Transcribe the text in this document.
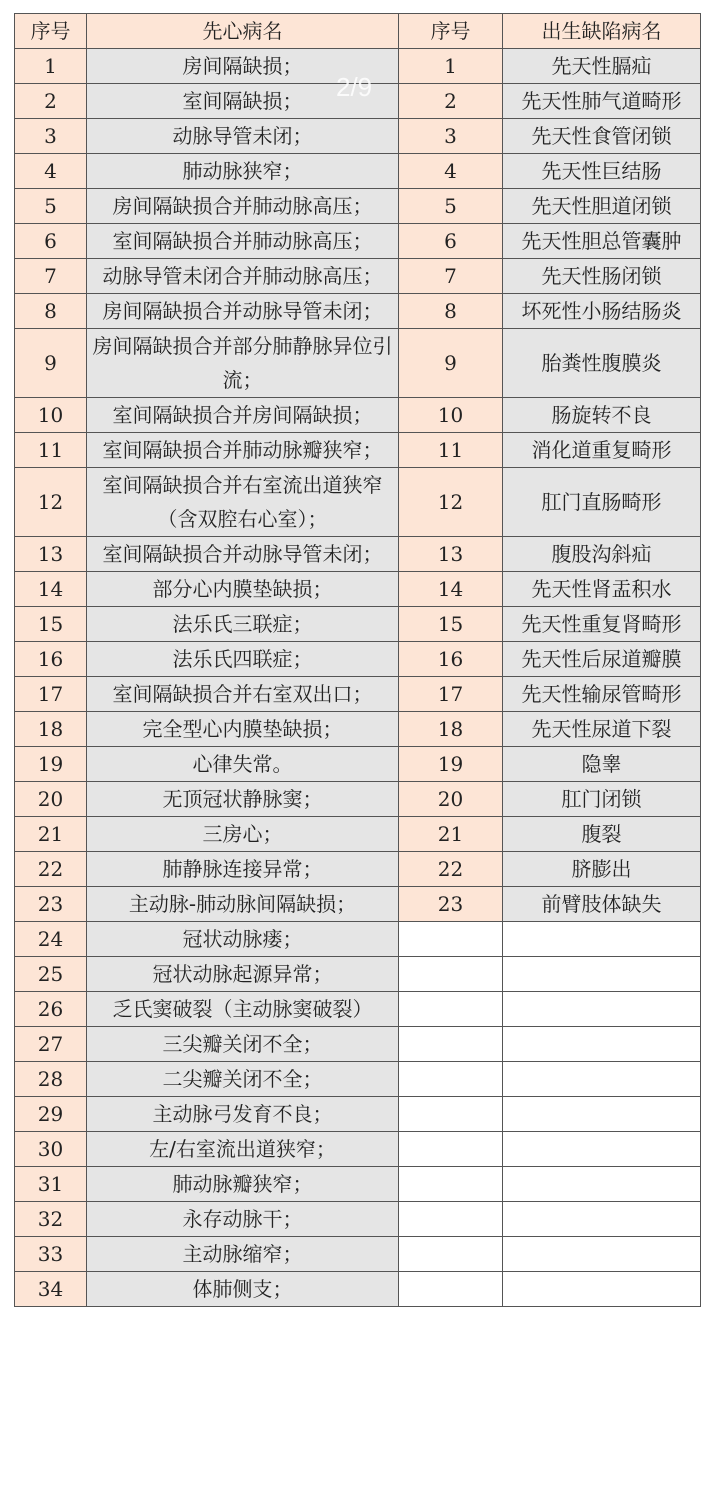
序号	先心病名	序号	出生缺陷病名
1	房间隔缺损；	1	先天性膈疝
2	室间隔缺损；	2	先天性肺气道畸形
3	动脉导管未闭；	3	先天性食管闭锁
4	肺动脉狭窄；	4	先天性巨结肠
5	房间隔缺损合并肺动脉高压；	5	先天性胆道闭锁
6	室间隔缺损合并肺动脉高压；	6	先天性胆总管囊肿
7	动脉导管未闭合并肺动脉高压；	7	先天性肠闭锁
8	房间隔缺损合并动脉导管未闭；	8	坏死性小肠结肠炎
9	房间隔缺损合并部分肺静脉异位引流；	9	胎粪性腹膜炎
10	室间隔缺损合并房间隔缺损；	10	肠旋转不良
11	室间隔缺损合并肺动脉瓣狭窄；	11	消化道重复畸形
12	室间隔缺损合并右室流出道狭窄（含双腔右心室）；	12	肛门直肠畸形
13	室间隔缺损合并动脉导管未闭；	13	腹股沟斜疝
14	部分心内膜垫缺损；	14	先天性肾盂积水
15	法乐氏三联症；	15	先天性重复肾畸形
16	法乐氏四联症；	16	先天性后尿道瓣膜
17	室间隔缺损合并右室双出口；	17	先天性输尿管畸形
18	完全型心内膜垫缺损；	18	先天性尿道下裂
19	心律失常。	19	隐睾
20	无顶冠状静脉窦；	20	肛门闭锁
21	三房心；	21	腹裂
22	肺静脉连接异常；	22	脐膨出
23	主动脉-肺动脉间隔缺损；	23	前臂肢体缺失
24	冠状动脉瘘；		
25	冠状动脉起源异常；		
26	乏氏窦破裂（主动脉窦破裂）		
27	三尖瓣关闭不全；		
28	二尖瓣关闭不全；		
29	主动脉弓发育不良；		
30	左/右室流出道狭窄；		
31	肺动脉瓣狭窄；		
32	永存动脉干；		
33	主动脉缩窄；		
34	体肺侧支；		
2/9
